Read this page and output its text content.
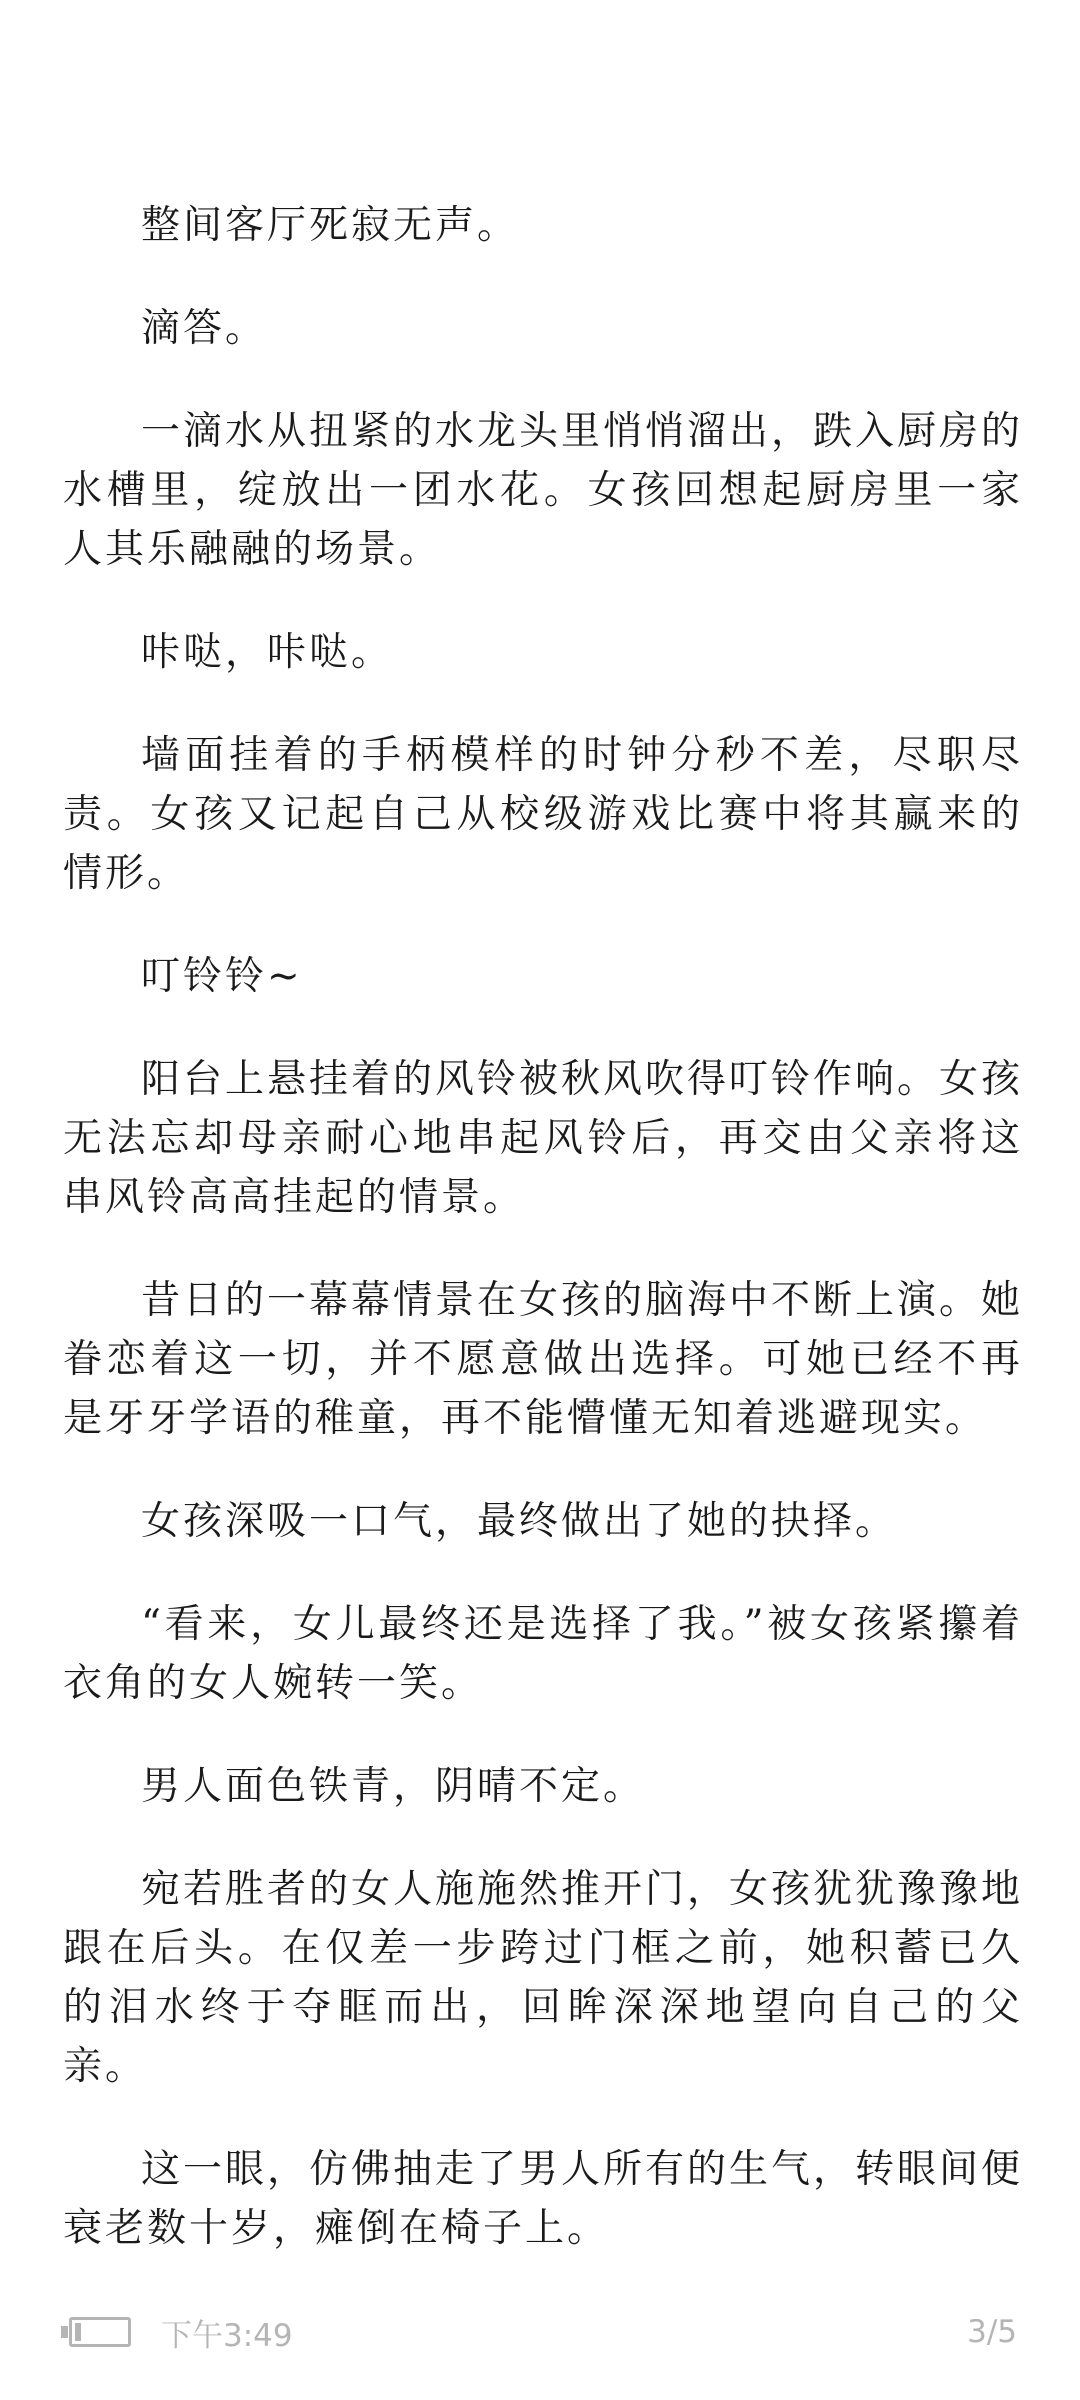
整间客厅死寂无声。

滴答。

一滴水从扭紧的水龙头里悄悄溜出，跌入厨房的水槽里，绽放出一团水花。女孩回想起厨房里一家人其乐融融的场景。

咔哒，咔哒。

墙面挂着的手柄模样的时钟分秒不差，尽职尽责。女孩又记起自己从校级游戏比赛中将其赢来的情形。

叮铃铃~

阳台上悬挂着的风铃被秋风吹得叮铃作响。女孩无法忘却母亲耐心地串起风铃后，再交由父亲将这串风铃高高挂起的情景。

昔日的一幕幕情景在女孩的脑海中不断上演。她眷恋着这一切，并不愿意做出选择。可她已经不再是牙牙学语的稚童，再不能懵懂无知着逃避现实。

女孩深吸一口气，最终做出了她的抉择。

“看来，女儿最终还是选择了我。”被女孩紧攥着衣角的女人婉转一笑。

男人面色铁青，阴晴不定。

宛若胜者的女人施施然推开门，女孩犹犹豫豫地跟在后头。在仅差一步跨过门框之前，她积蓄已久的泪水终于夺眶而出，回眸深深地望向自己的父亲。

这一眼，仿佛抽走了男人所有的生气，转眼间便衰老数十岁，瘫倒在椅子上。

下午3:49	3/5
